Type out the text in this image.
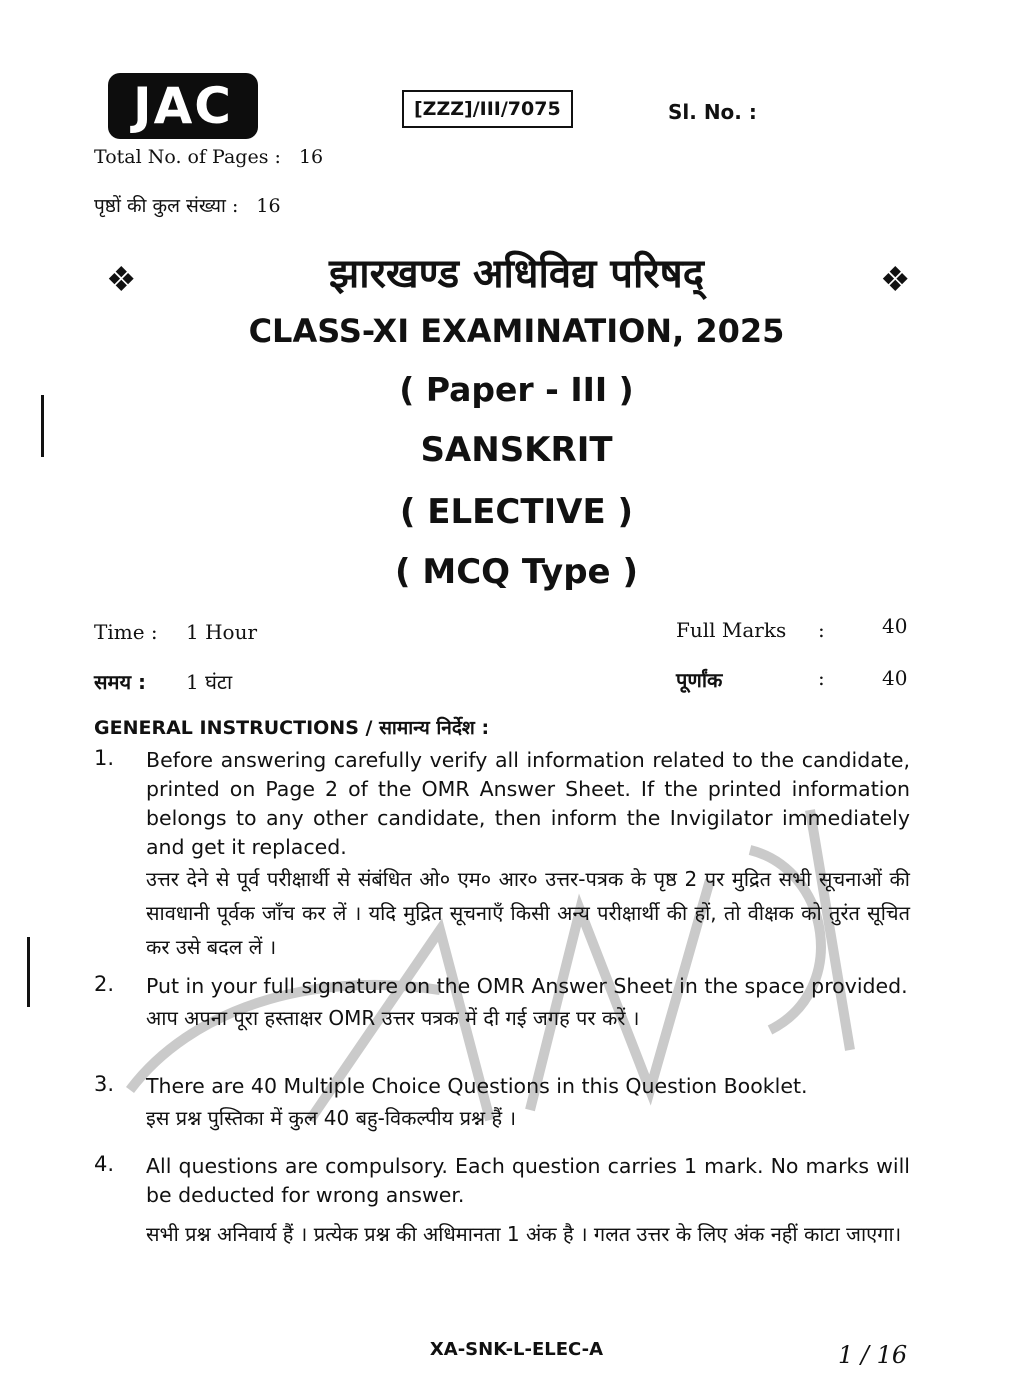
JAC	[ZZZ]/III/7075	Sl. No. :
Total No. of Pages : 16
पृष्ठों की कुल संख्या : 16
❖	❖
झारखण्ड अधिविद्य परिषद्
CLASS-XI EXAMINATION, 2025
( Paper - III )
SANSKRIT
( ELECTIVE )
( MCQ Type )
Time : 1 Hour
समय : 1 घंटा
Full Marks :	40
पूर्णांक	:	40
GENERAL INSTRUCTIONS / सामान्य निर्देश :
1. Before answering carefully verify all information related to the candidate, printed on Page 2 of the OMR Answer Sheet. If the printed information belongs to any other candidate, then inform the Invigilator immediately and get it replaced.
उत्तर देने से पूर्व परीक्षार्थी से संबंधित ओ० एम० आर० उत्तर-पत्रक के पृष्ठ 2 पर मुद्रित सभी सूचनाओं की सावधानी पूर्वक जाँच कर लें । यदि मुद्रित सूचनाएँ किसी अन्य परीक्षार्थी की हों, तो वीक्षक को तुरंत सूचित कर उसे बदल लें ।
2. Put in your full signature on the OMR Answer Sheet in the space provided.
आप अपना पूरा हस्ताक्षर OMR उत्तर पत्रक में दी गई जगह पर करें ।
3. There are 40 Multiple Choice Questions in this Question Booklet.
इस प्रश्न पुस्तिका में कुल 40 बहु-विकल्पीय प्रश्न हैं ।
4. All questions are compulsory. Each question carries 1 mark. No marks will be deducted for wrong answer.
सभी प्रश्न अनिवार्य हैं । प्रत्येक प्रश्न की अधिमानता 1 अंक है । गलत उत्तर के लिए अंक नहीं काटा जाएगा।
XA-SNK-L-ELEC-A	1 / 16
